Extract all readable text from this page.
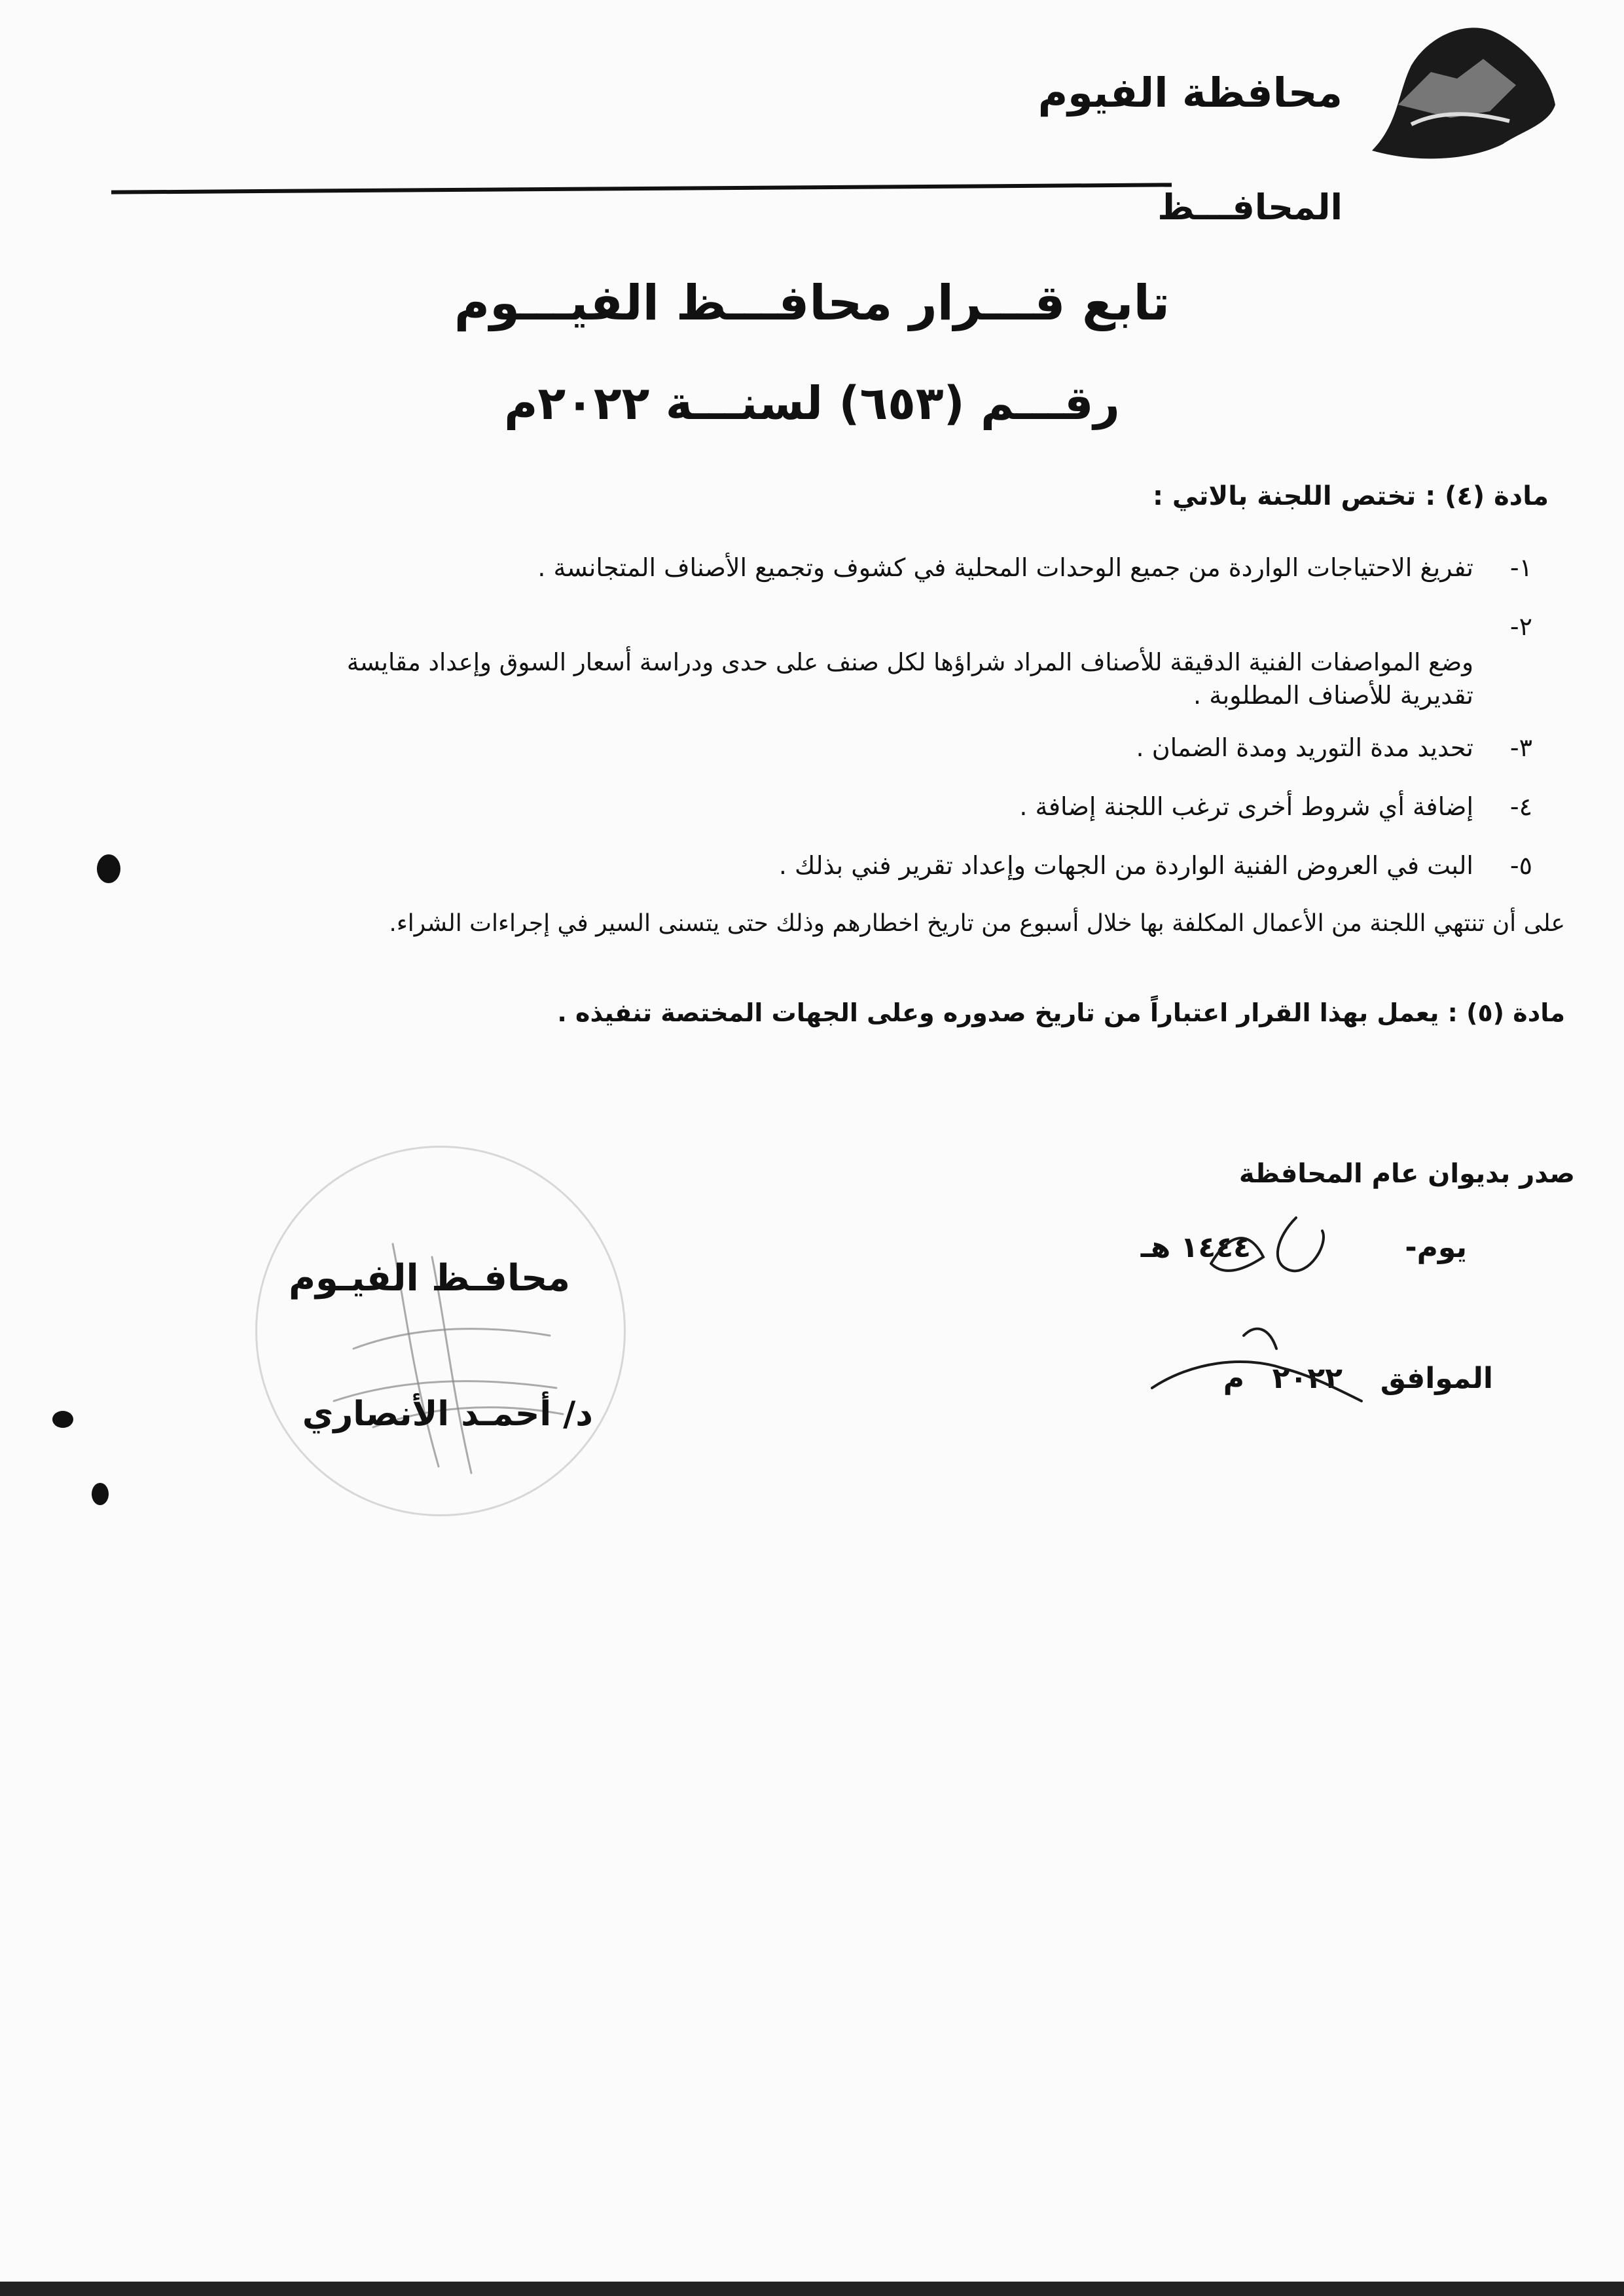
محافظة الفيوم
المحافـــظ
تابع قـــرار محافـــظ الفيـــوم
رقـــم (٦٥٣) لسنـــة ٢٠٢٢م
مادة (٤) : تختص اللجنة بالاتي :
١-
تفريغ الاحتياجات الواردة من جميع الوحدات المحلية في كشوف وتجميع الأصناف المتجانسة .
٢-
وضع المواصفات الفنية الدقيقة للأصناف المراد شراؤها لكل صنف على حدى ودراسة أسعار السوق وإعداد مقايسة
تقديرية للأصناف المطلوبة .
٣-
تحديد مدة التوريد ومدة الضمان .
٤-
إضافة أي شروط أخرى ترغب اللجنة إضافة .
٥-
البت في العروض الفنية الواردة من الجهات وإعداد تقرير فني بذلك .
على أن تنتهي اللجنة من الأعمال المكلفة بها خلال أسبوع من تاريخ اخطارهم وذلك حتى يتسنى السير في إجراءات الشراء.
مادة (٥) : يعمل بهذا القرار اعتباراً من تاريخ صدوره وعلى الجهات المختصة تنفيذه .
صدر بديوان عام المحافظة
يوم-
١٤٤٤ هـ
الموافق
٢٠٢٢
م
محافـظ الفيـوم
د/ أحمـد الأنصاري
